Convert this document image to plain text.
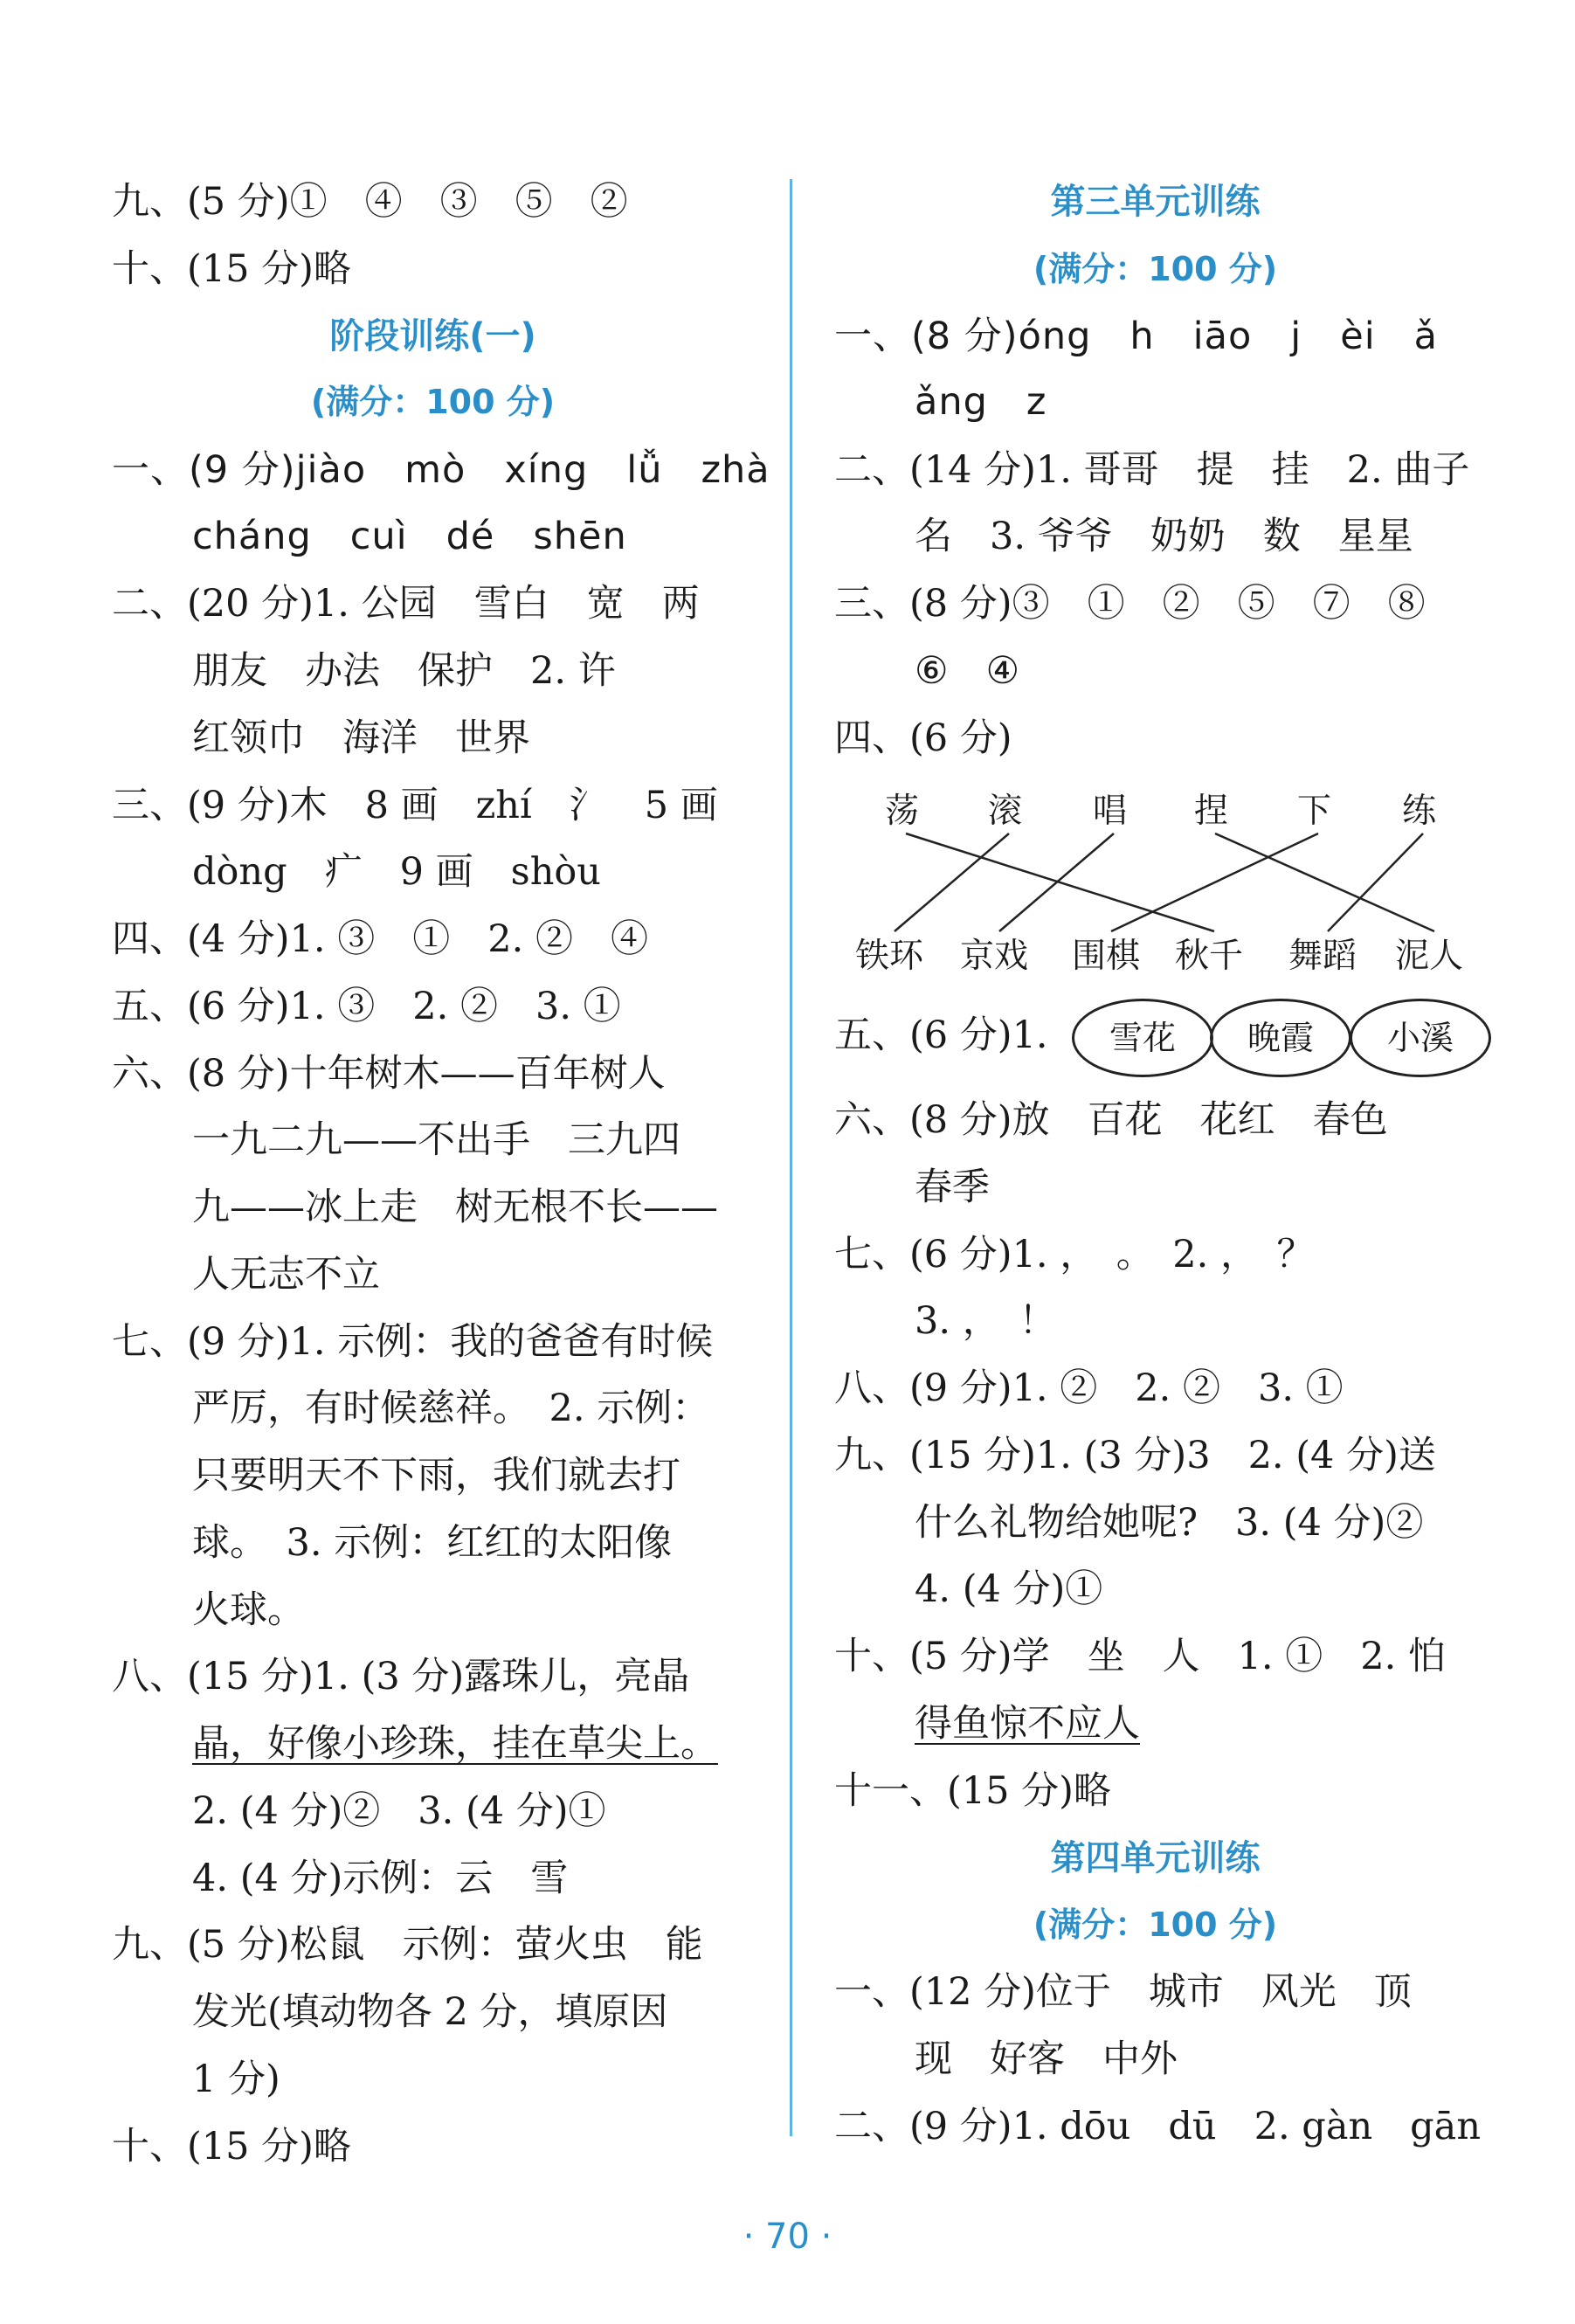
九、(5 分)①　④　③　⑤　②
十、(15 分)略
阶段训练(一)
(满分：100 分)
一、(9 分)jiào　mò　xíng　lǚ　zhà
cháng　cuì　dé　shēn
二、(20 分)1. 公园　雪白　宽　两
朋友　办法　保护　2. 许
红领巾　海洋　世界
三、(9 分)木　8 画　zhí　氵　5 画
dòng　疒　9 画　shòu
四、(4 分)1. ③　①　2. ②　④
五、(6 分)1. ③　2. ②　3. ①
六、(8 分)十年树木——百年树人
一九二九——不出手　三九四
九——冰上走　树无根不长——
人无志不立
七、(9 分)1. 示例：我的爸爸有时候
严厉，有时候慈祥。　2. 示例：
只要明天不下雨，我们就去打
球。　3. 示例：红红的太阳像
火球。
八、(15 分)1. (3 分)露珠儿，亮晶
晶，好像小珍珠，挂在草尖上。
2. (4 分)②　3. (4 分)①
4. (4 分)示例：云　雪
九、(5 分)松鼠　示例：萤火虫　能
发光(填动物各 2 分，填原因
1 分)
十、(15 分)略
第三单元训练
(满分：100 分)
一、(8 分)óng　h　iāo　j　èi　ǎ
ǎng　z
二、(14 分)1. 哥哥　提　挂　2. 曲子
名　3. 爷爷　奶奶　数　星星
三、(8 分)③　①　②　⑤　⑦　⑧
⑥　④
四、(6 分)
五、(6 分)1.
六、(8 分)放　百花　花红　春色
春季
七、(6 分)1. ，　。　2. ，　？
3. ，　！
八、(9 分)1. ②　2. ②　3. ①
九、(15 分)1. (3 分)3　2. (4 分)送
什么礼物给她呢?　3. (4 分)②
4. (4 分)①
十、(5 分)学　坐　人　1. ①　2. 怕
得鱼惊不应人
十一、(15 分)略
第四单元训练
(满分：100 分)
一、(12 分)位于　城市　风光　顶
现　好客　中外
二、(9 分)1. dōu　dū　2. gàn　gān
荡 滚 唱 捏 下 练
铁环 京戏 围棋 秋千 舞蹈 泥人
雪花	晚霞	小溪
· 70 ·
